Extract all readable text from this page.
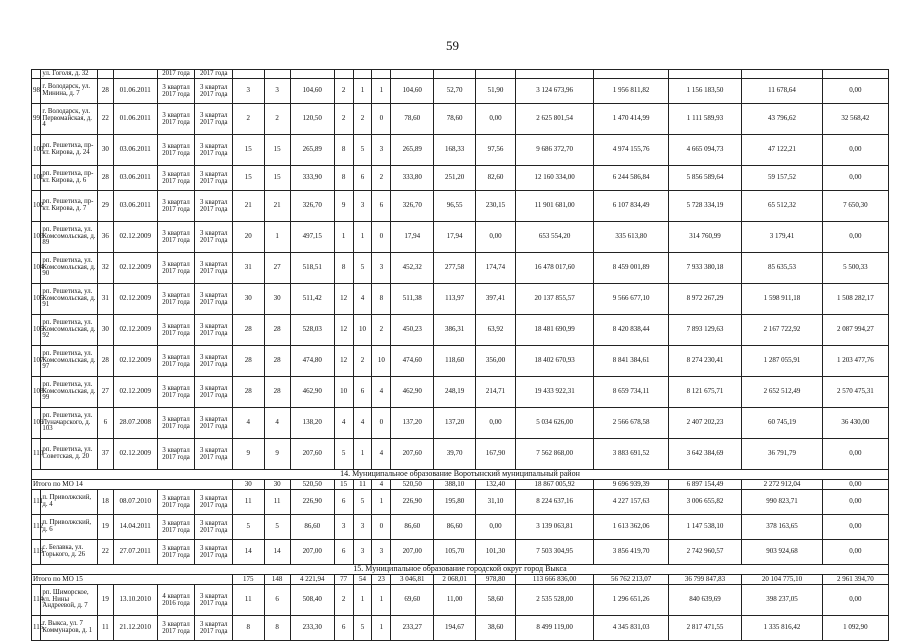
59
	ул. Гоголя, д. 32			2017 года	2017 года														
98	г. Володарск, ул. Минина, д. 7	28	01.06.2011	3 квартал 2017 года	3 квартал 2017 года	3	3	104,60	2	1	1	104,60	52,70	51,90	3 124 673,96	1 956 811,82	1 156 183,50	11 678,64	0,00
99	г. Володарск, ул. Первомайская, д. 4	22	01.06.2011	3 квартал 2017 года	3 квартал 2017 года	2	2	120,50	2	2	0	78,60	78,60	0,00	2 625 801,54	1 470 414,99	1 111 589,93	43 796,62	32 568,42
100	рп. Решетиха, пр-кт. Кирова, д. 24	30	03.06.2011	3 квартал 2017 года	3 квартал 2017 года	15	15	265,89	8	5	3	265,89	168,33	97,56	9 686 372,70	4 974 155,76	4 665 094,73	47 122,21	0,00
101	рп. Решетиха, пр-кт. Кирова, д. 6	28	03.06.2011	3 квартал 2017 года	3 квартал 2017 года	15	15	333,90	8	6	2	333,80	251,20	82,60	12 160 334,00	6 244 586,84	5 856 589,64	59 157,52	0,00
102	рп. Решетиха, пр-кт. Кирова, д. 7	29	03.06.2011	3 квартал 2017 года	3 квартал 2017 года	21	21	326,70	9	3	6	326,70	96,55	230,15	11 901 681,00	6 107 834,49	5 728 334,19	65 512,32	7 650,30
103	рп. Решетиха, ул. Комсомольская, д. 89	36	02.12.2009	3 квартал 2017 года	3 квартал 2017 года	20	1	497,15	1	1	0	17,94	17,94	0,00	653 554,20	335 613,80	314 760,99	3 179,41	0,00
104	рп. Решетиха, ул. Комсомольская, д. 90	32	02.12.2009	3 квартал 2017 года	3 квартал 2017 года	31	27	518,51	8	5	3	452,32	277,58	174,74	16 478 017,60	8 459 001,89	7 933 380,18	85 635,53	5 500,33
105	рп. Решетиха, ул. Комсомольская, д. 91	31	02.12.2009	3 квартал 2017 года	3 квартал 2017 года	30	30	511,42	12	4	8	511,38	113,97	397,41	20 137 855,57	9 566 677,10	8 972 267,29	1 598 911,18	1 508 282,17
106	рп. Решетиха, ул. Комсомольская, д. 92	30	02.12.2009	3 квартал 2017 года	3 квартал 2017 года	28	28	528,03	12	10	2	450,23	386,31	63,92	18 481 690,99	8 420 838,44	7 893 129,63	2 167 722,92	2 087 994,27
107	рп. Решетиха, ул. Комсомольская, д. 97	28	02.12.2009	3 квартал 2017 года	3 квартал 2017 года	28	28	474,80	12	2	10	474,60	118,60	356,00	18 402 670,93	8 841 384,61	8 274 230,41	1 287 055,91	1 203 477,76
108	рп. Решетиха, ул. Комсомольская, д. 99	27	02.12.2009	3 квартал 2017 года	3 квартал 2017 года	28	28	462,90	10	6	4	462,90	248,19	214,71	19 433 922,31	8 659 734,11	8 121 675,71	2 652 512,49	2 570 475,31
109	рп. Решетиха, ул. Луначарского, д. 103	6	28.07.2008	3 квартал 2017 года	3 квартал 2017 года	4	4	138,20	4	4	0	137,20	137,20	0,00	5 034 626,00	2 566 678,58	2 407 202,23	60 745,19	36 430,00
110	рп. Решетиха, ул. Советская, д. 20	37	02.12.2009	3 квартал 2017 года	3 квартал 2017 года	9	9	207,60	5	1	4	207,60	39,70	167,90	7 562 868,00	3 883 691,52	3 642 384,69	36 791,79	0,00
14. Муниципальное образование Воротынский муниципальный район																			
Итого по МО 14						30	30	520,50	15	11	4	520,50	388,10	132,40	18 867 005,92	9 696 939,39	6 897 154,49	2 272 912,04	0,00
111	п. Приволжский, д. 4	18	08.07.2010	3 квартал 2017 года	3 квартал 2017 года	11	11	226,90	6	5	1	226,90	195,80	31,10	8 224 637,16	4 227 157,63	3 006 655,82	990 823,71	0,00
112	п. Приволжский, д. 6	19	14.04.2011	3 квартал 2017 года	3 квартал 2017 года	5	5	86,60	3	3	0	86,60	86,60	0,00	3 139 063,81	1 613 362,06	1 147 538,10	378 163,65	0,00
113	с. Белавка, ул. Горького, д. 26	22	27.07.2011	3 квартал 2017 года	3 квартал 2017 года	14	14	207,00	6	3	3	207,00	105,70	101,30	7 503 304,95	3 856 419,70	2 742 960,57	903 924,68	0,00
15. Муниципальное образование городской округ город Выкса																			
Итого по МО 15						175	148	4 221,94	77	54	23	3 046,81	2 068,01	978,80	113 666 836,00	56 762 213,07	36 799 847,83	20 104 775,10	2 961 394,70
114	рп. Шиморское, ул. Нины Андреевой, д. 7	19	13.10.2010	4 квартал 2016 года	3 квартал 2017 года	11	6	508,40	2	1	1	69,60	11,00	58,60	2 535 528,00	1 296 651,26	840 639,69	398 237,05	0,00
115	г. Выкса, ул. 7 Коммунаров, д. 1	11	21.12.2010	3 квартал 2017 года	3 квартал 2017 года	8	8	233,30	6	5	1	233,27	194,67	38,60	8 499 119,00	4 345 831,03	2 817 471,55	1 335 816,42	1 092,90
